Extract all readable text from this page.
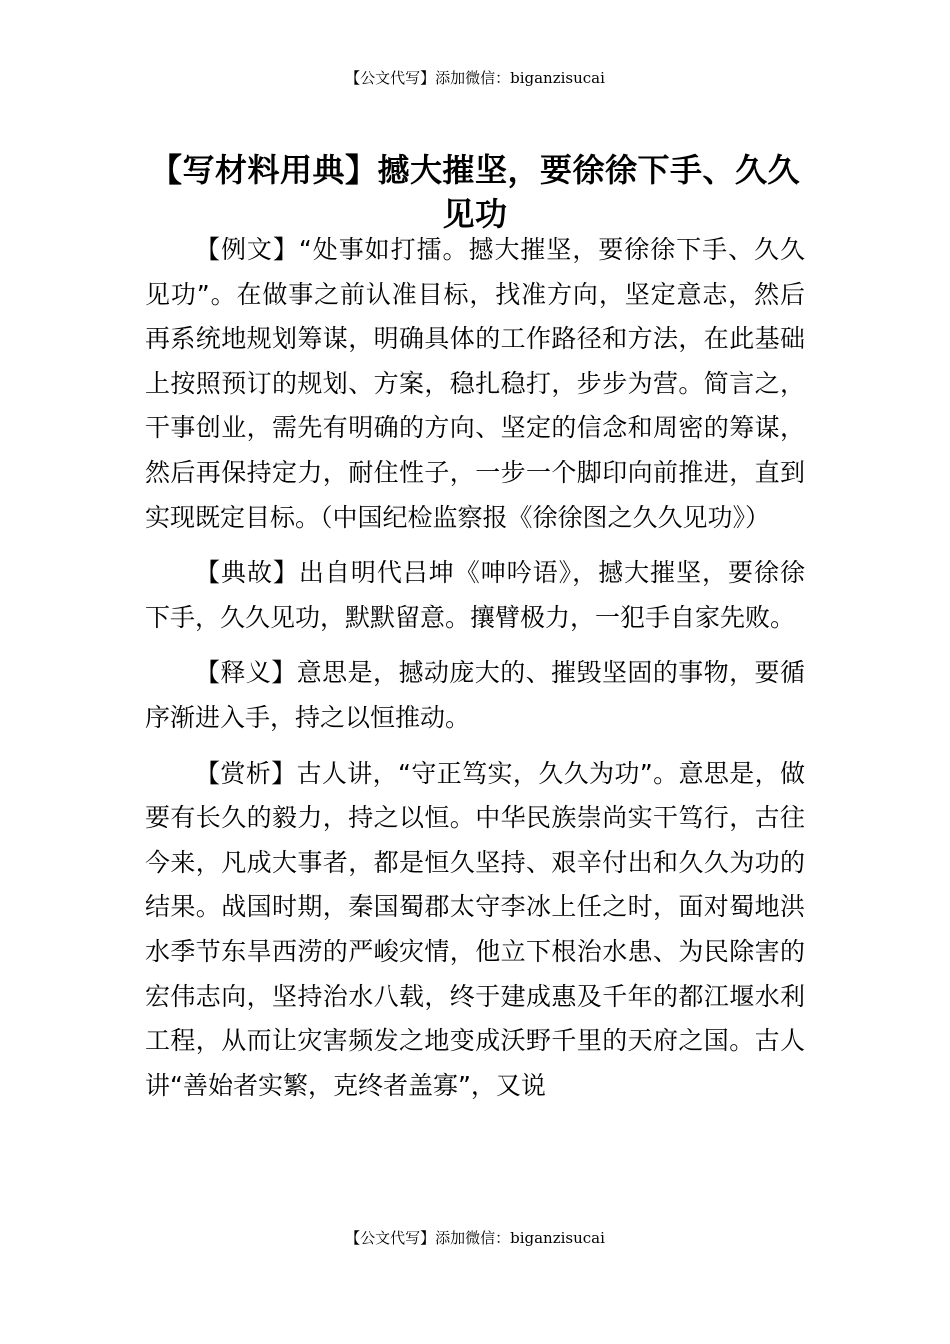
【公文代写】添加微信：biganzisucai
【写材料用典】撼大摧坚，要徐徐下手、久久见功

【例文】“处事如打擂。撼大摧坚，要徐徐下手、久久见功”。在做事之前认准目标，找准方向，坚定意志，然后再系统地规划筹谋，明确具体的工作路径和方法，在此基础上按照预订的规划、方案，稳扎稳打，步步为营。简言之，干事创业，需先有明确的方向、坚定的信念和周密的筹谋，然后再保持定力，耐住性子，一步一个脚印向前推进，直到实现既定目标。（中国纪检监察报《徐徐图之久久见功》）

【典故】出自明代吕坤《呻吟语》，撼大摧坚，要徐徐下手，久久见功，默默留意。攘臂极力，一犯手自家先败。

【释义】意思是，撼动庞大的、摧毁坚固的事物，要循序渐进入手，持之以恒推动。

【赏析】古人讲，“守正笃实，久久为功”。意思是，做要有长久的毅力，持之以恒。中华民族崇尚实干笃行，古往今来，凡成大事者，都是恒久坚持、艰辛付出和久久为功的结果。战国时期，秦国蜀郡太守李冰上任之时，面对蜀地洪水季节东旱西涝的严峻灾情，他立下根治水患、为民除害的宏伟志向，坚持治水八载，终于建成惠及千年的都江堰水利工程，从而让灾害频发之地变成沃野千里的天府之国。古人讲“善始者实繁，克终者盖寡”，又说

【公文代写】添加微信：biganzisucai
